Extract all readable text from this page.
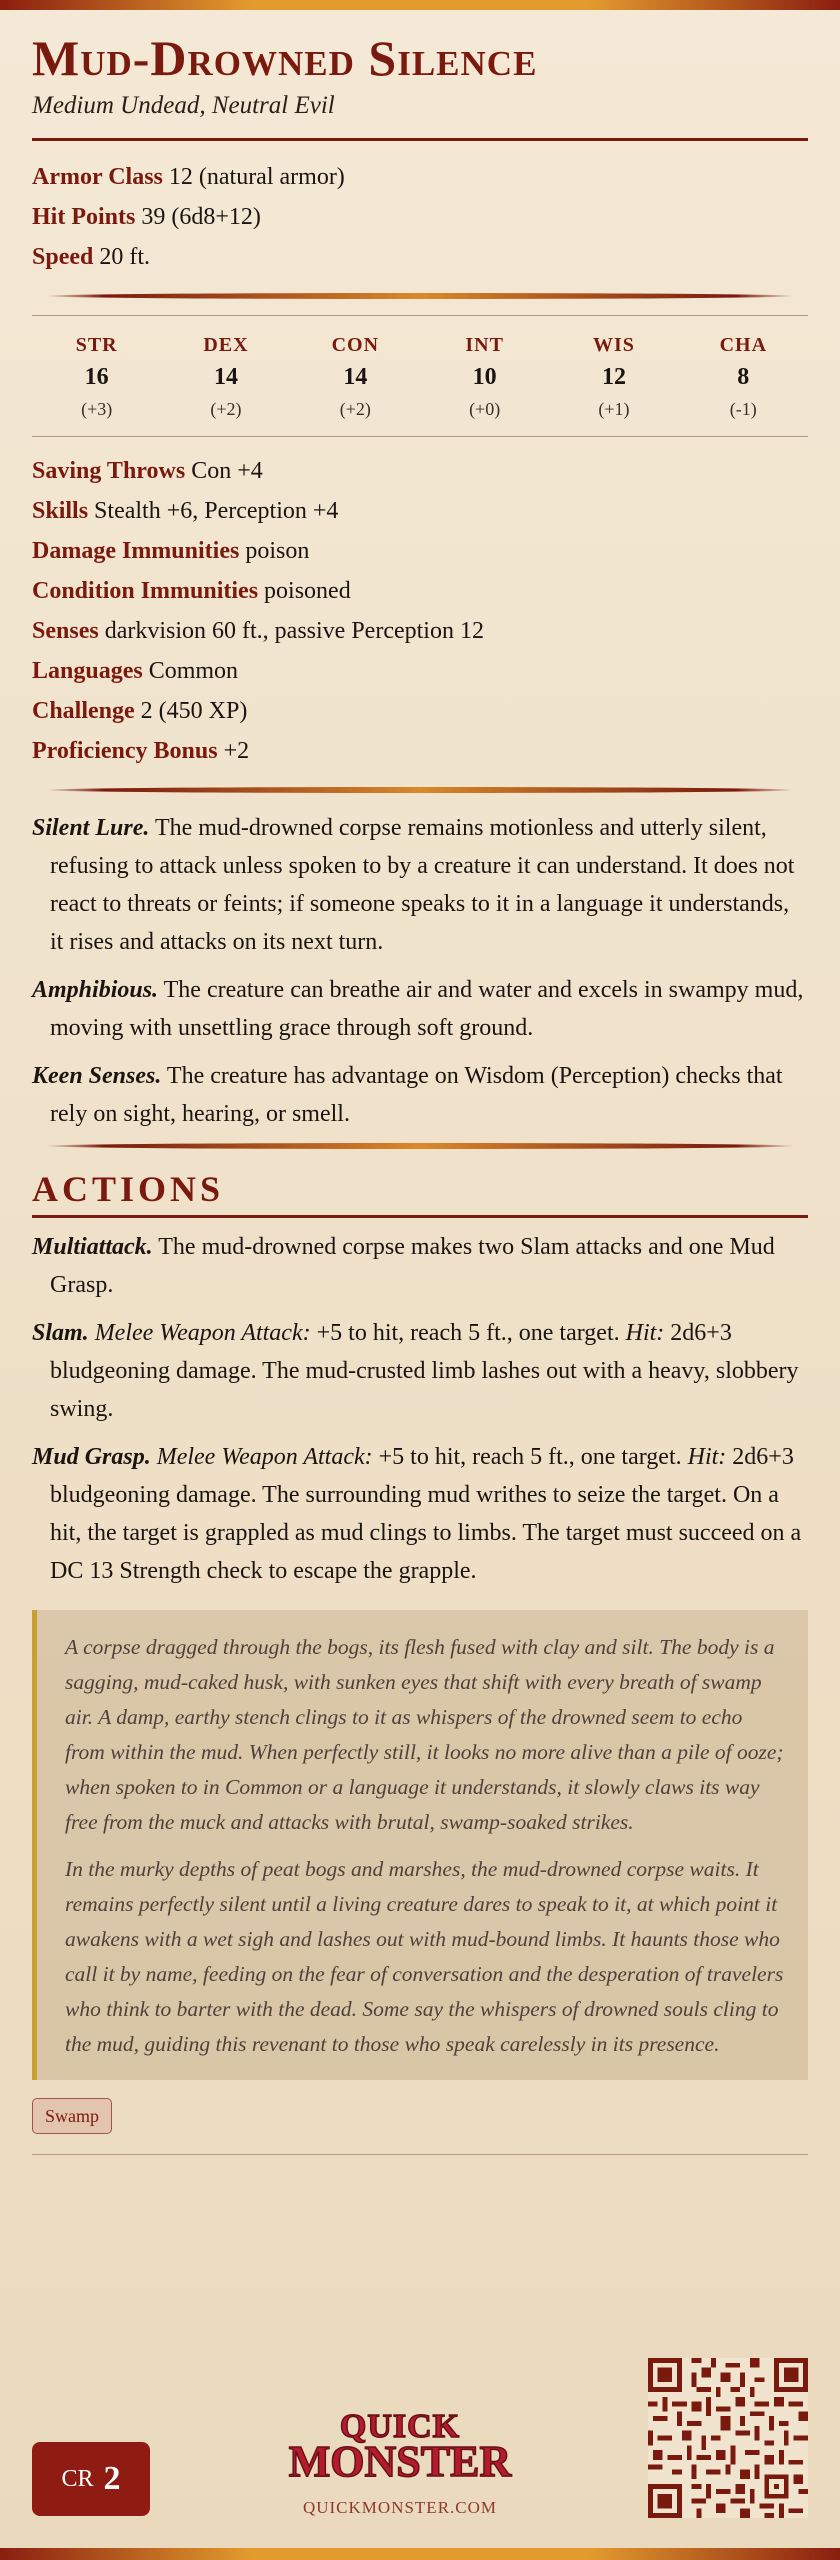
Mud-Drowned Silence
Medium Undead, Neutral Evil
Armor Class 12 (natural armor)
Hit Points 39 (6d8+12)
Speed 20 ft.
STR
16
(+3)
DEX
14
(+2)
CON
14
(+2)
INT
10
(+0)
WIS
12
(+1)
CHA
8
(-1)
Saving Throws Con +4
Skills Stealth +6, Perception +4
Damage Immunities poison
Condition Immunities poisoned
Senses darkvision 60 ft., passive Perception 12
Languages Common
Challenge 2 (450 XP)
Proficiency Bonus +2
Silent Lure. The mud-drowned corpse remains motionless and utterly silent, refusing to attack unless spoken to by a creature it can understand. It does not react to threats or feints; if someone speaks to it in a language it understands, it rises and attacks on its next turn.
Amphibious. The creature can breathe air and water and excels in swampy mud, moving with unsettling grace through soft ground.
Keen Senses. The creature has advantage on Wisdom (Perception) checks that rely on sight, hearing, or smell.
ACTIONS
Multiattack. The mud-drowned corpse makes two Slam attacks and one Mud Grasp.
Slam. Melee Weapon Attack: +5 to hit, reach 5 ft., one target. Hit: 2d6+3 bludgeoning damage. The mud-crusted limb lashes out with a heavy, slobbery swing.
Mud Grasp. Melee Weapon Attack: +5 to hit, reach 5 ft., one target. Hit: 2d6+3 bludgeoning damage. The surrounding mud writhes to seize the target. On a hit, the target is grappled as mud clings to limbs. The target must succeed on a DC 13 Strength check to escape the grapple.

A corpse dragged through the bogs, its flesh fused with clay and silt. The body is a sagging, mud-caked husk, with sunken eyes that shift with every breath of swamp air. A damp, earthy stench clings to it as whispers of the drowned seem to echo from within the mud. When perfectly still, it looks no more alive than a pile of ooze; when spoken to in Common or a language it understands, it slowly claws its way free from the muck and attacks with brutal, swamp-soaked strikes.

In the murky depths of peat bogs and marshes, the mud-drowned corpse waits. It remains perfectly silent until a living creature dares to speak to it, at which point it awakens with a wet sigh and lashes out with mud-bound limbs. It haunts those who call it by name, feeding on the fear of conversation and the desperation of travelers who think to barter with the dead. Some say the whispers of drowned souls cling to the mud, guiding this revenant to those who speak carelessly in its presence.

Swamp
CR 2
QUICK
MONSTER
QUICKMONSTER.COM
